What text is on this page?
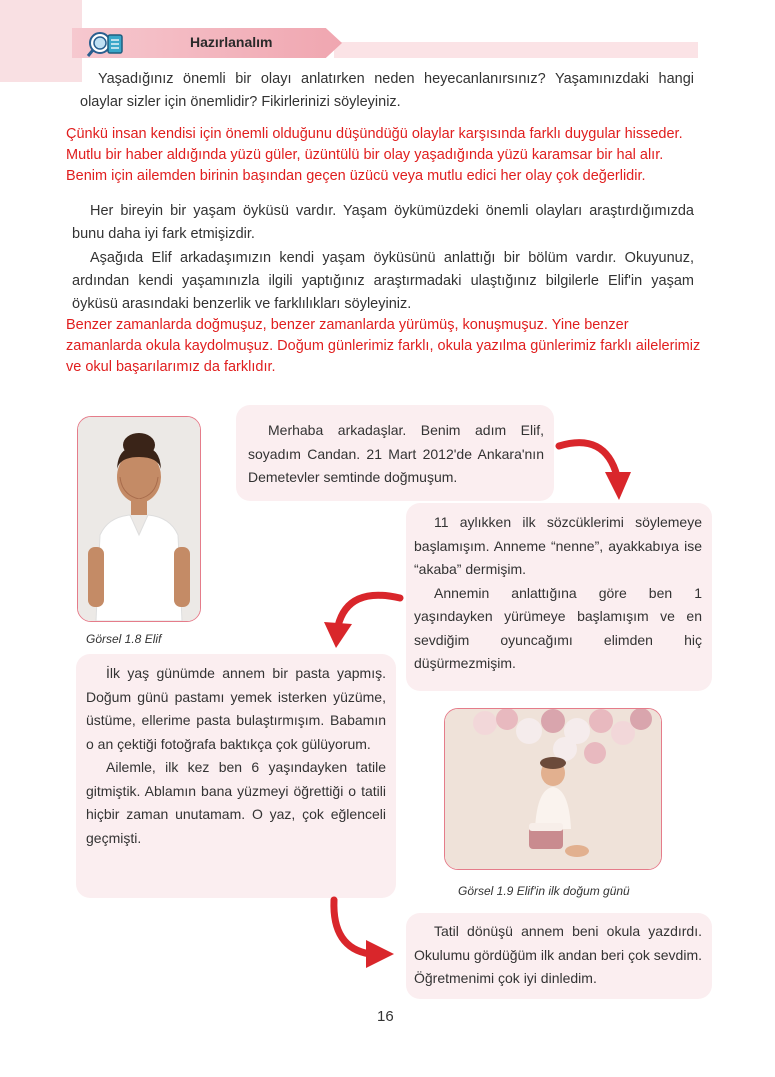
Hazırlanalım

Yaşadığınız önemli bir olayı anlatırken neden heyecanlanırsınız? Yaşamınızdaki hangi olaylar sizler için önemlidir? Fikirlerinizi söyleyiniz.

Çünkü insan kendisi için önemli olduğunu düşündüğü olaylar karşısında farklı duygular hisseder. Mutlu bir haber aldığında yüzü güler, üzüntülü bir olay yaşadığında yüzü karamsar bir hal alır. Benim için ailemden birinin başından geçen üzücü veya mutlu edici her olay çok değerlidir.

Her bireyin bir yaşam öyküsü vardır. Yaşam öykümüzdeki önemli olayları araştırdığımızda bunu daha iyi fark etmişizdir.

Aşağıda Elif arkadaşımızın kendi yaşam öyküsünü anlattığı bir bölüm vardır. Okuyunuz, ardından kendi yaşamınızla ilgili yaptığınız araştırmadaki ulaştığınız bilgilerle Elif'in yaşam öyküsü arasındaki benzerlik ve farklılıkları söyleyiniz.

Benzer zamanlarda doğmuşuz, benzer zamanlarda yürümüş, konuşmuşuz. Yine benzer zamanlarda okula kaydolmuşuz. Doğum günlerimiz farklı, okula yazılma günlerimiz farklı ailelerimiz ve okul başarılarımız da farklıdır.

Görsel 1.8 Elif

Merhaba arkadaşlar. Benim adım Elif, soyadım Candan. 21 Mart 2012'de Ankara'nın Demetevler semtinde doğmuşum.

11 aylıkken ilk sözcüklerimi söylemeye başlamışım. Anneme “nenne”, ayakkabıya ise “akaba” dermişim.

Annemin anlattığına göre ben 1 yaşındayken yürümeye başlamışım ve en sevdiğim oyuncağımı elimden hiç düşürmezmişim.

İlk yaş günümde annem bir pasta yapmış. Doğum günü pastamı yemek isterken yüzüme, üstüme, ellerime pasta bulaştırmışım. Babamın o an çektiği fotoğrafa baktıkça çok gülüyorum.

Ailemle, ilk kez ben 6 yaşındayken tatile gitmiştik. Ablamın bana yüzmeyi öğrettiği o tatili hiçbir zaman unutamam. O yaz, çok eğlenceli geçmişti.

Görsel 1.9 Elif'in ilk doğum günü

Tatil dönüşü annem beni okula yazdırdı. Okulumu gördüğüm ilk andan beri çok sevdim. Öğretmenimi çok iyi dinledim.

16
